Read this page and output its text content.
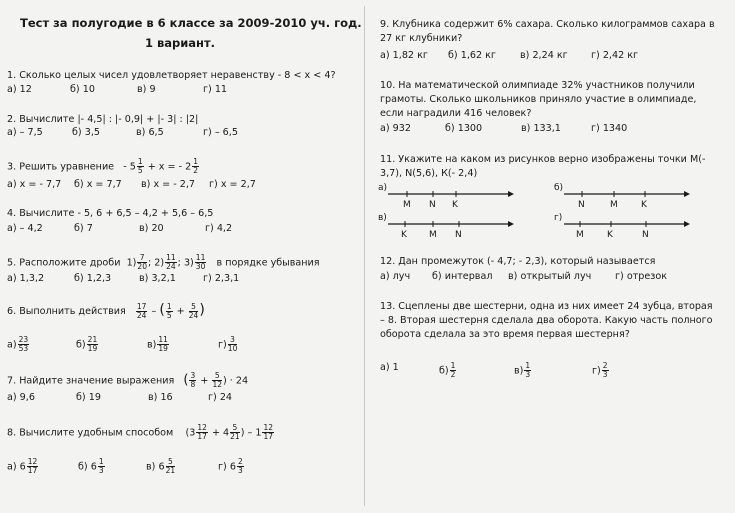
Тест за полугодие в 6 классе за 2009-2010 уч. год.
1 вариант.
1. Сколько целых чисел удовлетворяет неравенству - 8 < х < 4?
а) 12	б) 10	в) 9	г) 11
2. Вычислите |- 4,5| : |- 0,9| + |- 3| : |2|
а) – 7,5	б) 3,5	в) 6,5	г) – 6,5
3. Решить уравнение - $5 \frac{1}{5} + х$ = - $2 \frac{1}{2}$
а) х = - 7,7 б) х = 7,7 в) х = - 2,7 г) х = 2,7
4. Вычислите - 5, 6 + 6,5 – 4,2 + 5,6 – 6,5
а) – 4,2	б) 7	в) 20	г) 4,2
5. Расположите дроби $1) \frac{7}{20}$ ; $2) \frac{11}{24}$ ; $3) \frac{11}{30}$ в порядке убывания
а) 1,3,2	б) 1,2,3	в) 3,2,1	г) 2,3,1
6. Выполнить действия $\frac{17}{24}$ – ( $\frac{1}{5} + \frac{5}{24}$ )
$а) \frac{23}{53}$	$б) \frac{21}{19}$	$в) \frac{11}{19}$	$г) \frac{3}{10}$
7. Найдите значение выражения ( $\frac{3}{8} + \frac{5}{12}$ ) · 24
а) 9,6	б) 19	в) 16	г) 24
8. Вычислите удобным способом ($3 \frac{12}{17} + 4 \frac{5}{21}$ ) – $1 \frac{12}{17}$
а) $6 \frac{12}{17}$	б) $6 \frac{1}{3}$	в) $6 \frac{5}{21}$	г) $6 \frac{2}{3}$
9. Клубника содержит 6% сахара. Сколько килограммов сахара в 27 кг клубники?
а) 1,82 кг б) 1,62 кг	в) 2,24 кг г) 2,42 кг
10. На математической олимпиаде 32% участников получили грамоты. Сколько школьников приняло участие в олимпиаде, если наградили 416 человек?
а) 932	б) 1300	в) 133,1	г) 1340
11. Укажите на каком из рисунков верно изображены точки М(- 3,7), N(5,6), К(- 2,4)
а)
M N K
б)
N	M	K
в)
K M N
г)
M	K	N
12. Дан промежуток (- 4,7; - 2,3), который называется
а) луч б) интервал в) открытый луч г) отрезок
13. Сцеплены две шестерни, одна из них имеет 24 зубца, вторая – 8. Вторая шестерня сделала два оборота. Какую часть полного оборота сделала за это время первая шестерня?
а) 1	$б) \frac{1}{2}$	$в) \frac{1}{3}$	$г) \frac{2}{3}$
